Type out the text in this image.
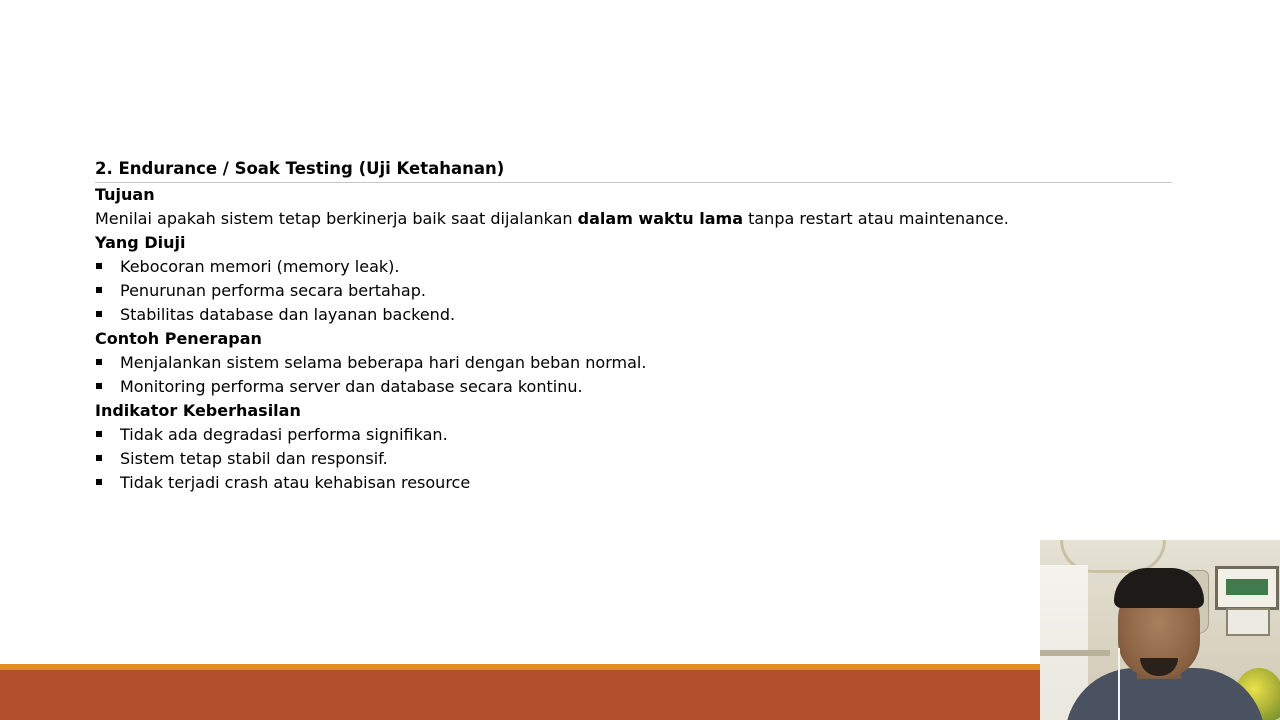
2. Endurance / Soak Testing (Uji Ketahanan)
Tujuan
Menilai apakah sistem tetap berkinerja baik saat dijalankan dalam waktu lama tanpa restart atau maintenance.
Yang Diuji
Kebocoran memori (memory leak).
Penurunan performa secara bertahap.
Stabilitas database dan layanan backend.
Contoh Penerapan
Menjalankan sistem selama beberapa hari dengan beban normal.
Monitoring performa server dan database secara kontinu.
Indikator Keberhasilan
Tidak ada degradasi performa signifikan.
Sistem tetap stabil dan responsif.
Tidak terjadi crash atau kehabisan resource
